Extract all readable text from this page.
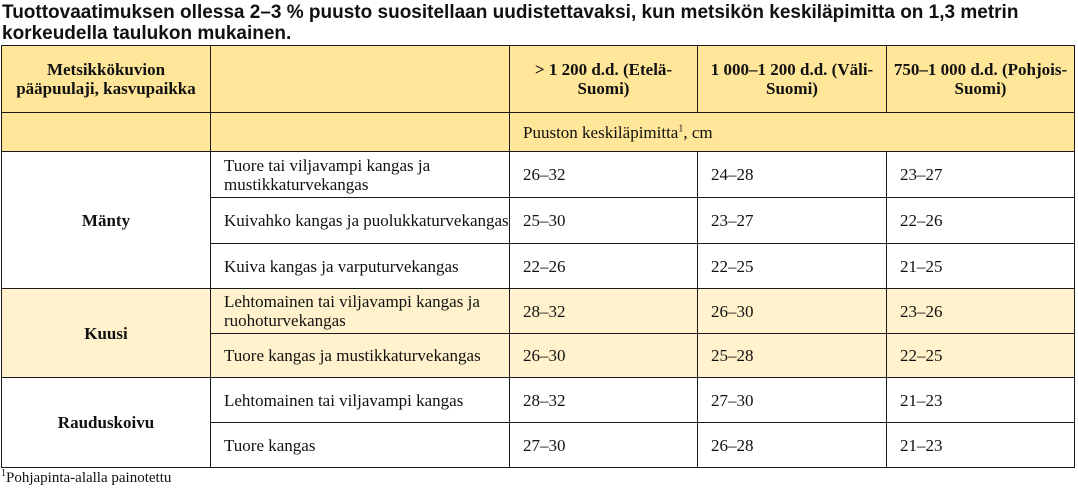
Tuottovaatimuksen ollessa 2–3 % puusto suositellaan uudistettavaksi, kun metsikön keskiläpimitta on 1,3 metrin korkeudella taulukon mukainen.
Metsikkökuvion pääpuulaji, kasvupaikka		> 1 200 d.d. (Etelä-Suomi)	1 000–1 200 d.d. (Väli-Suomi)	750–1 000 d.d. (Pohjois-Suomi)
		Puuston keskiläpimitta$^1$, cm		
Mänty	Tuore tai viljavampi kangas ja mustikkaturvekangas	26–32	24–28	23–27
	Kuivahko kangas ja puolukkaturvekangas	25–30	23–27	22–26
	Kuiva kangas ja varputurvekangas	22–26	22–25	21–25
Kuusi	Lehtomainen tai viljavampi kangas ja ruohoturvekangas	28–32	26–30	23–26
	Tuore kangas ja mustikkaturvekangas	26–30	25–28	22–25
Rauduskoivu	Lehtomainen tai viljavampi kangas	28–32	27–30	21–23
	Tuore kangas	27–30	26–28	21–23
$^1$Pohjapinta-alalla painotettu
